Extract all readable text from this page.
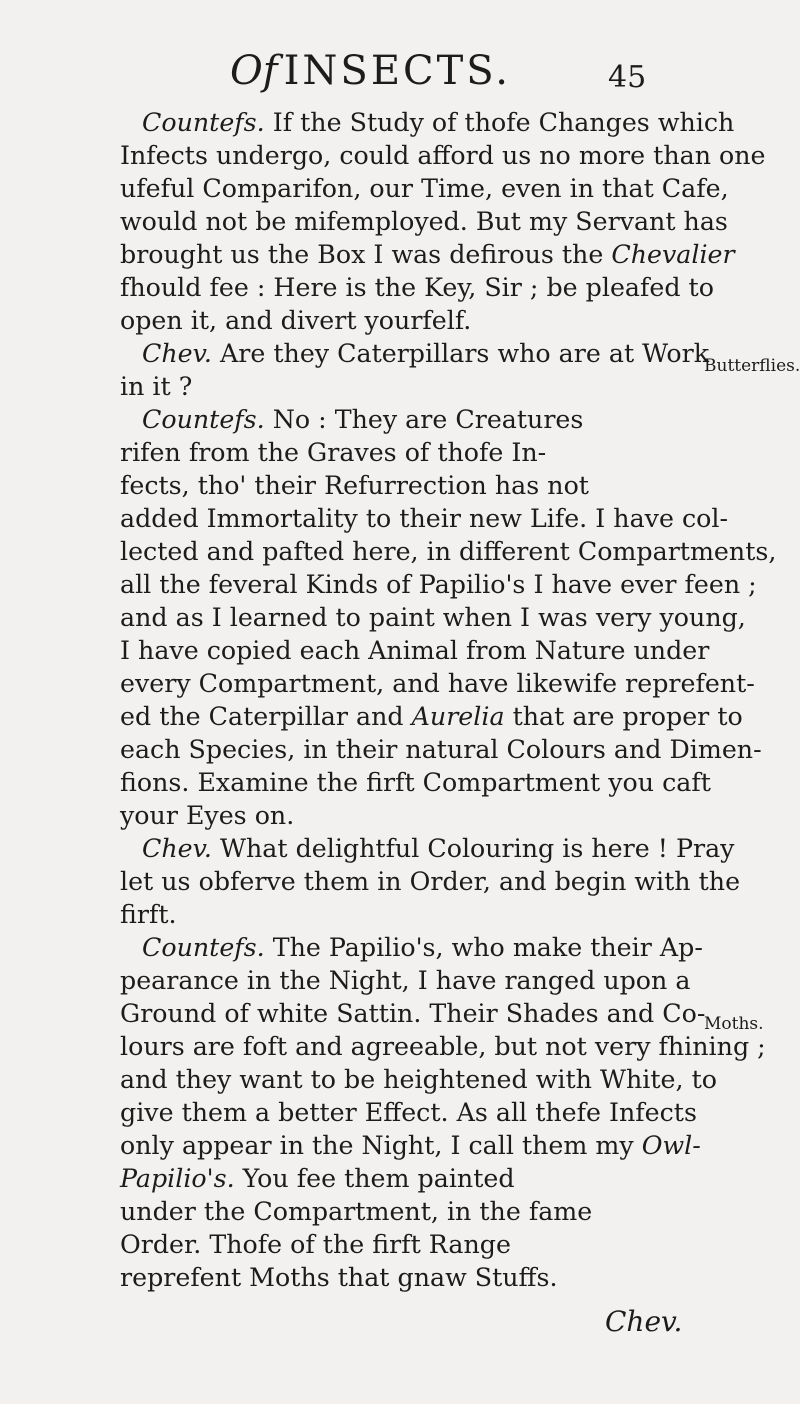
Of INSECTS.	45
Countefs. If the Study of thofe Changes which
Infects undergo, could afford us no more than one
ufeful Comparifon, our Time, even in that Cafe,
would not be mifemployed. But my Servant has
brought us the Box I was defirous the Chevalier
fhould fee : Here is the Key, Sir ; be pleafed to
open it, and divert yourfelf.
Chev. Are they Caterpillars who are at Work
in it ?
Countefs. No : They are Creatures
rifen from the Graves of thofe In-
fects, tho' their Refurrection has not
added Immortality to their new Life. I have col-
lected and pafted here, in different Compartments,
all the feveral Kinds of Papilio's I have ever feen ;
and as I learned to paint when I was very young,
I have copied each Animal from Nature under
every Compartment, and have likewife reprefent-
ed the Caterpillar and Aurelia that are proper to
each Species, in their natural Colours and Dimen-
fions. Examine the firft Compartment you caft
your Eyes on.
Chev. What delightful Colouring is here ! Pray
let us obferve them in Order, and begin with the
firft.
Countefs. The Papilio's, who make their Ap-
pearance in the Night, I have ranged upon a
Ground of white Sattin. Their Shades and Co-
lours are foft and agreeable, but not very fhining ;
and they want to be heightened with White, to
give them a better Effect. As all thefe Infects
only appear in the Night, I call them my Owl-
Papilio's. You fee them painted
under the Compartment, in the fame
Order. Thofe of the firft Range
reprefent Moths that gnaw Stuffs.
Butterflies.
Moths.
Chev.
